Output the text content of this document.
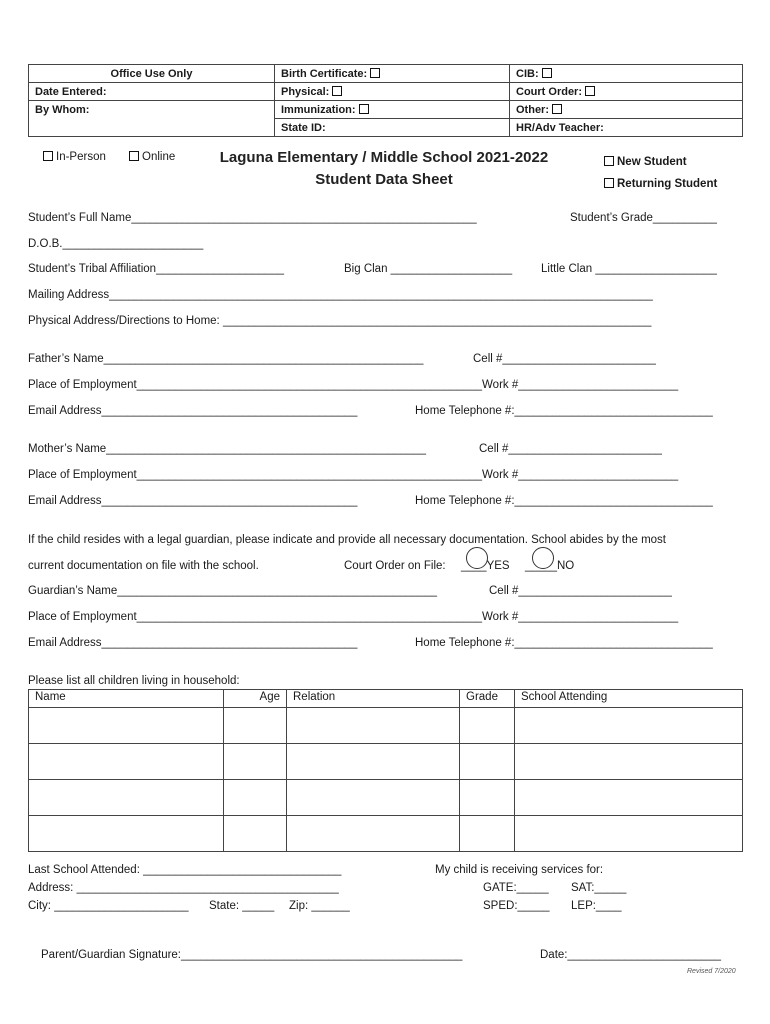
Office Use Only	Birth Certificate:	CIB:
Date Entered:	Physical:	Court Order:
By Whom:	Immunization:	Other:
	State ID:	HR/Adv Teacher:
In-Person	Online	Laguna Elementary / Middle School 2021-2022
Student Data Sheet
New Student
Returning Student
Student’s Full Name______________________________________________________	Student’s Grade__________
D.O.B.______________________
Student’s Tribal Affiliation____________________	Big Clan ___________________	Little Clan ___________________
Mailing Address_____________________________________________________________________________________
Physical Address/Directions to Home: ___________________________________________________________________
Father’s Name__________________________________________________	Cell #________________________
Place of Employment______________________________________________________Work #_________________________
Email Address________________________________________	Home Telephone #:_______________________________
Mother’s Name__________________________________________________	Cell #________________________
Place of Employment______________________________________________________Work #_________________________
Email Address________________________________________	Home Telephone #:_______________________________
If the child resides with a legal guardian, please indicate and provide all necessary documentation. School abides by the most
current documentation on file with the school.	Court Order on File: ____YES _____NO
Guardian’s Name__________________________________________________	Cell #________________________
Place of Employment______________________________________________________Work #_________________________
Email Address________________________________________	Home Telephone #:_______________________________
Please list all children living in household:
Name	Age	Relation	Grade	School Attending

Last School Attended: _______________________________
Address: _________________________________________
City: _____________________ State: _____ Zip: ______
My child is receiving services for:
GATE:_____ SAT:_____
SPED:_____ LEP:____
Parent/Guardian Signature:____________________________________________	Date:________________________
Revised 7/2020
